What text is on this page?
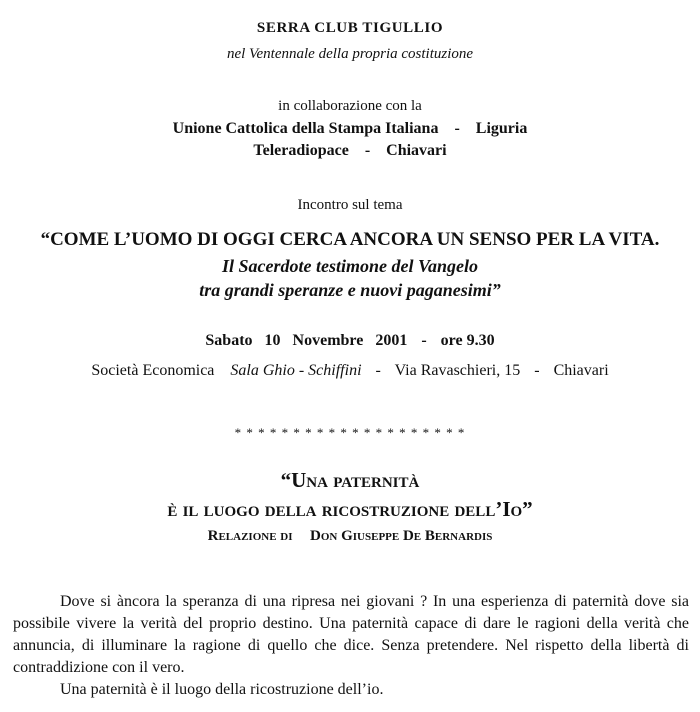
SERRA CLUB TIGULLIO
nel Ventennale della propria costituzione
in collaborazione con la
Unione Cattolica della Stampa Italiana - Liguria
Teleradiopace - Chiavari
Incontro sul tema
“COME L’UOMO DI OGGI CERCA ANCORA UN SENSO PER LA VITA.
Il Sacerdote testimone del Vangelo
tra grandi speranze e nuovi paganesimi”
Sabato 10 Novembre 2001 - ore 9.30
Società Economica Sala Ghio - Schiffini - Via Ravaschieri, 15 - Chiavari
* * * * * * * * * * * * * * * * * * * *
“Una paternità
è il luogo della ricostruzione dell’Io”
Relazione di Don Giuseppe De Bernardis

Dove si àncora la speranza di una ripresa nei giovani ? In una esperienza di paternità dove sia possibile vivere la verità del proprio destino. Una paternità capace di dare le ragioni della verità che annuncia, di illuminare la ragione di quello che dice. Senza pretendere. Nel rispetto della libertà di contraddizione con il vero.

Una paternità è il luogo della ricostruzione dell’io.
